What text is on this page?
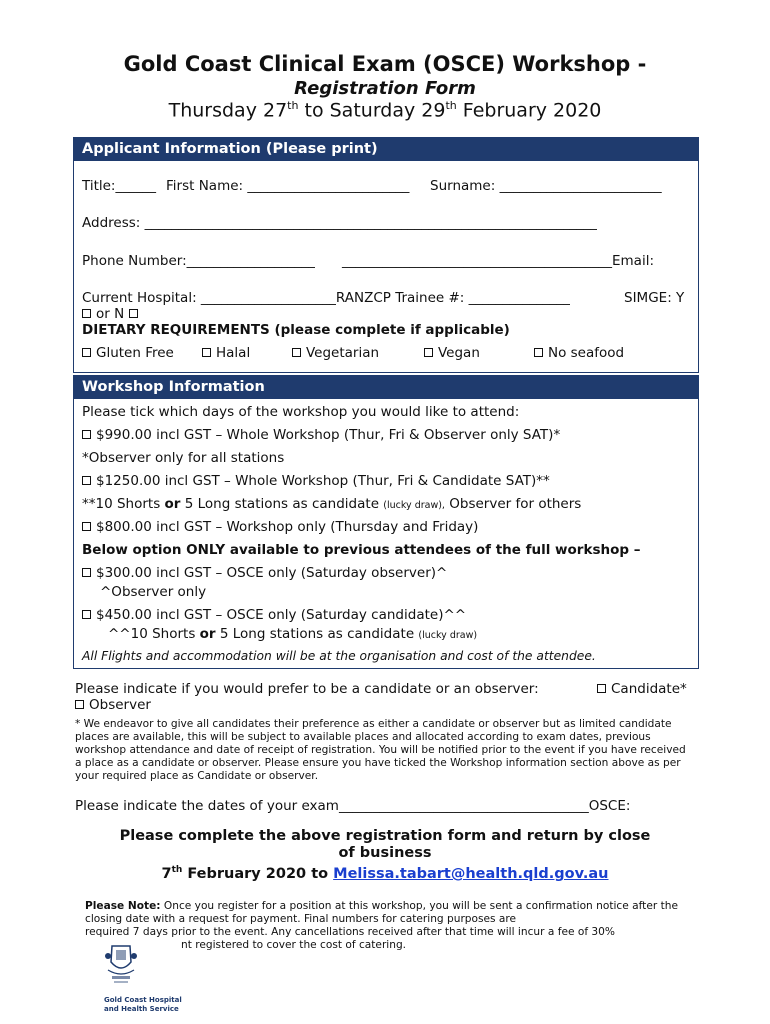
Gold Coast Clinical Exam (OSCE) Workshop -
Registration Form
Thursday 27th to Saturday 29th February 2020
Applicant Information (Please print)
Title:______ First Name: ________________________ Surname: ________________________
Address: ___________________________________________________________________
Phone Number:___________________ ________________________________________Email:
Current Hospital: ____________________RANZCP Trainee #: _______________	SIMGE: Y
or N
DIETARY REQUIREMENTS (please complete if applicable)
Gluten Free	Halal	Vegetarian	Vegan	No seafood
Workshop Information
Please tick which days of the workshop you would like to attend:
$990.00 incl GST – Whole Workshop (Thur, Fri & Observer only SAT)*
*Observer only for all stations
$1250.00 incl GST – Whole Workshop (Thur, Fri & Candidate SAT)**
**10 Shorts or 5 Long stations as candidate (lucky draw), Observer for others
$800.00 incl GST – Workshop only (Thursday and Friday)
Below option ONLY available to previous attendees of the full workshop –
$300.00 incl GST – OSCE only (Saturday observer)^
^Observer only
$450.00 incl GST – OSCE only (Saturday candidate)^^
^^10 Shorts or 5 Long stations as candidate (lucky draw)
All Flights and accommodation will be at the organisation and cost of the attendee.
Please indicate if you would prefer to be a candidate or an observer:	Candidate*
Observer
* We endeavor to give all candidates their preference as either a candidate or observer but as limited candidate places are available, this will be subject to available places and allocated according to exam dates, previous workshop attendance and date of receipt of registration. You will be notified prior to the event if you have received a place as a candidate or observer. Please ensure you have ticked the Workshop information section above as per your required place as Candidate or observer.
Please indicate the dates of your exam_____________________________________OSCE:
Please complete the above registration form and return by close
of business
7th February 2020 to Melissa.tabart@health.qld.gov.au
Please Note: Once you register for a position at this workshop, you will be sent a confirmation notice after the closing date with a request for payment. Final numbers for catering purposes are
required 7 days prior to the event. Any cancellations received after that time will incur a fee of 30%
nt registered to cover the cost of catering.
Gold Coast Hospital
and Health Service
